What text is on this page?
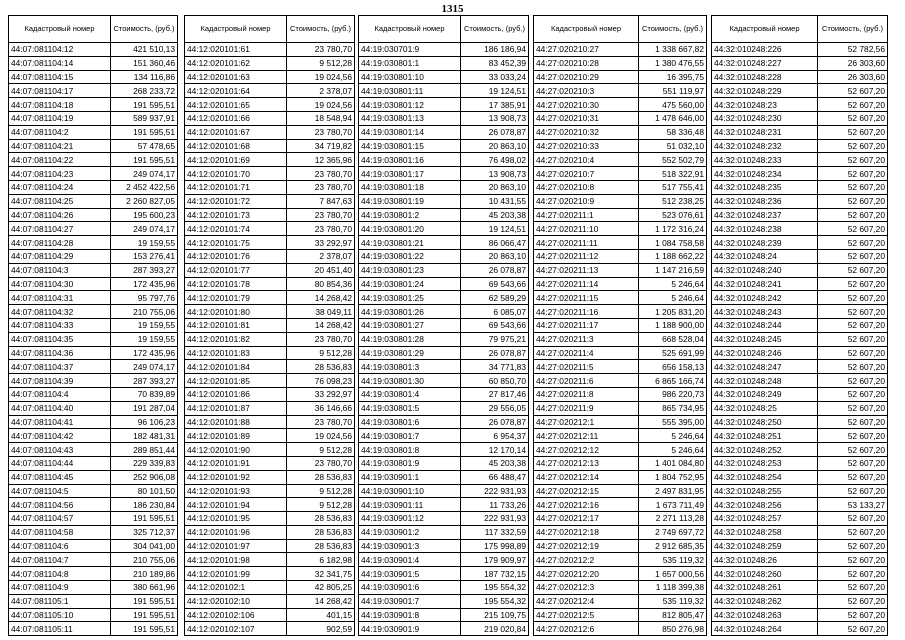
1315
Кадастровый номер	Стоимость, (руб.)
44:07:081104:12	421 510,13
44:07:081104:14	151 360,46
44:07:081104:15	134 116,86
44:07:081104:17	268 233,72
44:07:081104:18	191 595,51
44:07:081104:19	589 937,91
44:07:081104:2	191 595,51
44:07:081104:21	57 478,65
44:07:081104:22	191 595,51
44:07:081104:23	249 074,17
44:07:081104:24	2 452 422,56
44:07:081104:25	2 260 827,05
44:07:081104:26	195 600,23
44:07:081104:27	249 074,17
44:07:081104:28	19 159,55
44:07:081104:29	153 276,41
44:07:081104:3	287 393,27
44:07:081104:30	172 435,96
44:07:081104:31	95 797,76
44:07:081104:32	210 755,06
44:07:081104:33	19 159,55
44:07:081104:35	19 159,55
44:07:081104:36	172 435,96
44:07:081104:37	249 074,17
44:07:081104:39	287 393,27
44:07:081104:4	70 839,89
44:07:081104:40	191 287,04
44:07:081104:41	96 106,23
44:07:081104:42	182 481,31
44:07:081104:43	289 851,44
44:07:081104:44	229 339,83
44:07:081104:45	252 906,08
44:07:081104:5	80 101,50
44:07:081104:56	186 230,84
44:07:081104:57	191 595,51
44:07:081104:58	325 712,37
44:07:081104:6	304 041,00
44:07:081104:7	210 755,06
44:07:081104:8	210 189,86
44:07:081104:9	380 661,96
44:07:081105:1	191 595,51
44:07:081105:10	191 595,51
44:07:081105:11	191 595,51
Кадастровый номер	Стоимость, (руб.)
44:12:020101:61	23 780,70
44:12:020101:62	9 512,28
44:12:020101:63	19 024,56
44:12:020101:64	2 378,07
44:12:020101:65	19 024,56
44:12:020101:66	18 548,94
44:12:020101:67	23 780,70
44:12:020101:68	34 719,82
44:12:020101:69	12 365,96
44:12:020101:70	23 780,70
44:12:020101:71	23 780,70
44:12:020101:72	7 847,63
44:12:020101:73	23 780,70
44:12:020101:74	23 780,70
44:12:020101:75	33 292,97
44:12:020101:76	2 378,07
44:12:020101:77	20 451,40
44:12:020101:78	80 854,36
44:12:020101:79	14 268,42
44:12:020101:80	38 049,11
44:12:020101:81	14 268,42
44:12:020101:82	23 780,70
44:12:020101:83	9 512,28
44:12:020101:84	28 536,83
44:12:020101:85	76 098,23
44:12:020101:86	33 292,97
44:12:020101:87	36 146,66
44:12:020101:88	23 780,70
44:12:020101:89	19 024,56
44:12:020101:90	9 512,28
44:12:020101:91	23 780,70
44:12:020101:92	28 536,83
44:12:020101:93	9 512,28
44:12:020101:94	9 512,28
44:12:020101:95	28 536,83
44:12:020101:96	28 536,83
44:12:020101:97	28 536,83
44:12:020101:98	6 182,98
44:12:020101:99	32 341,75
44:12:020102:1	42 805,25
44:12:020102:10	14 268,42
44:12:020102:106	401,15
44:12:020102:107	902,59
Кадастровый номер	Стоимость, (руб.)
44:19:030701:9	186 186,94
44:19:030801:1	83 452,39
44:19:030801:10	33 033,24
44:19:030801:11	19 124,51
44:19:030801:12	17 385,91
44:19:030801:13	13 908,73
44:19:030801:14	26 078,87
44:19:030801:15	20 863,10
44:19:030801:16	76 498,02
44:19:030801:17	13 908,73
44:19:030801:18	20 863,10
44:19:030801:19	10 431,55
44:19:030801:2	45 203,38
44:19:030801:20	19 124,51
44:19:030801:21	86 066,47
44:19:030801:22	20 863,10
44:19:030801:23	26 078,87
44:19:030801:24	69 543,66
44:19:030801:25	62 589,29
44:19:030801:26	6 085,07
44:19:030801:27	69 543,66
44:19:030801:28	79 975,21
44:19:030801:29	26 078,87
44:19:030801:3	34 771,83
44:19:030801:30	60 850,70
44:19:030801:4	27 817,46
44:19:030801:5	29 556,05
44:19:030801:6	26 078,87
44:19:030801:7	6 954,37
44:19:030801:8	12 170,14
44:19:030801:9	45 203,38
44:19:030901:1	66 488,47
44:19:030901:10	222 931,93
44:19:030901:11	11 733,26
44:19:030901:12	222 931,93
44:19:030901:2	117 332,59
44:19:030901:3	175 998,89
44:19:030901:4	179 909,97
44:19:030901:5	187 732,15
44:19:030901:6	195 554,32
44:19:030901:7	195 554,32
44:19:030901:8	215 109,75
44:19:030901:9	219 020,84
Кадастровый номер	Стоимость, (руб.)
44:27:020210:27	1 338 667,82
44:27:020210:28	1 380 476,55
44:27:020210:29	16 395,75
44:27:020210:3	551 119,97
44:27:020210:30	475 560,00
44:27:020210:31	1 478 646,00
44:27:020210:32	58 336,48
44:27:020210:33	51 032,10
44:27:020210:4	552 502,79
44:27:020210:7	518 322,91
44:27:020210:8	517 755,41
44:27:020210:9	512 238,25
44:27:020211:1	523 076,61
44:27:020211:10	1 172 316,24
44:27:020211:11	1 084 758,58
44:27:020211:12	1 188 662,22
44:27:020211:13	1 147 216,59
44:27:020211:14	5 246,64
44:27:020211:15	5 246,64
44:27:020211:16	1 205 831,20
44:27:020211:17	1 188 900,00
44:27:020211:3	668 528,04
44:27:020211:4	525 691,99
44:27:020211:5	656 158,13
44:27:020211:6	6 865 166,74
44:27:020211:8	986 220,73
44:27:020211:9	865 734,95
44:27:020212:1	555 395,00
44:27:020212:11	5 246,64
44:27:020212:12	5 246,64
44:27:020212:13	1 401 084,80
44:27:020212:14	1 804 752,95
44:27:020212:15	2 497 831,95
44:27:020212:16	1 673 711,49
44:27:020212:17	2 271 113,28
44:27:020212:18	2 749 697,72
44:27:020212:19	2 912 685,35
44:27:020212:2	535 119,32
44:27:020212:20	1 657 000,56
44:27:020212:3	1 118 399,38
44:27:020212:4	535 119,32
44:27:020212:5	812 805,47
44:27:020212:6	850 276,98
Кадастровый номер	Стоимость, (руб.)
44:32:010248:226	52 782,56
44:32:010248:227	26 303,60
44:32:010248:228	26 303,60
44:32:010248:229	52 607,20
44:32:010248:23	52 607,20
44:32:010248:230	52 607,20
44:32:010248:231	52 607,20
44:32:010248:232	52 607,20
44:32:010248:233	52 607,20
44:32:010248:234	52 607,20
44:32:010248:235	52 607,20
44:32:010248:236	52 607,20
44:32:010248:237	52 607,20
44:32:010248:238	52 607,20
44:32:010248:239	52 607,20
44:32:010248:24	52 607,20
44:32:010248:240	52 607,20
44:32:010248:241	52 607,20
44:32:010248:242	52 607,20
44:32:010248:243	52 607,20
44:32:010248:244	52 607,20
44:32:010248:245	52 607,20
44:32:010248:246	52 607,20
44:32:010248:247	52 607,20
44:32:010248:248	52 607,20
44:32:010248:249	52 607,20
44:32:010248:25	52 607,20
44:32:010248:250	52 607,20
44:32:010248:251	52 607,20
44:32:010248:252	52 607,20
44:32:010248:253	52 607,20
44:32:010248:254	52 607,20
44:32:010248:255	52 607,20
44:32:010248:256	53 133,27
44:32:010248:257	52 607,20
44:32:010248:258	52 607,20
44:32:010248:259	52 607,20
44:32:010248:26	52 607,20
44:32:010248:260	52 607,20
44:32:010248:261	52 607,20
44:32:010248:262	52 607,20
44:32:010248:263	52 607,20
44:32:010248:264	52 607,20
